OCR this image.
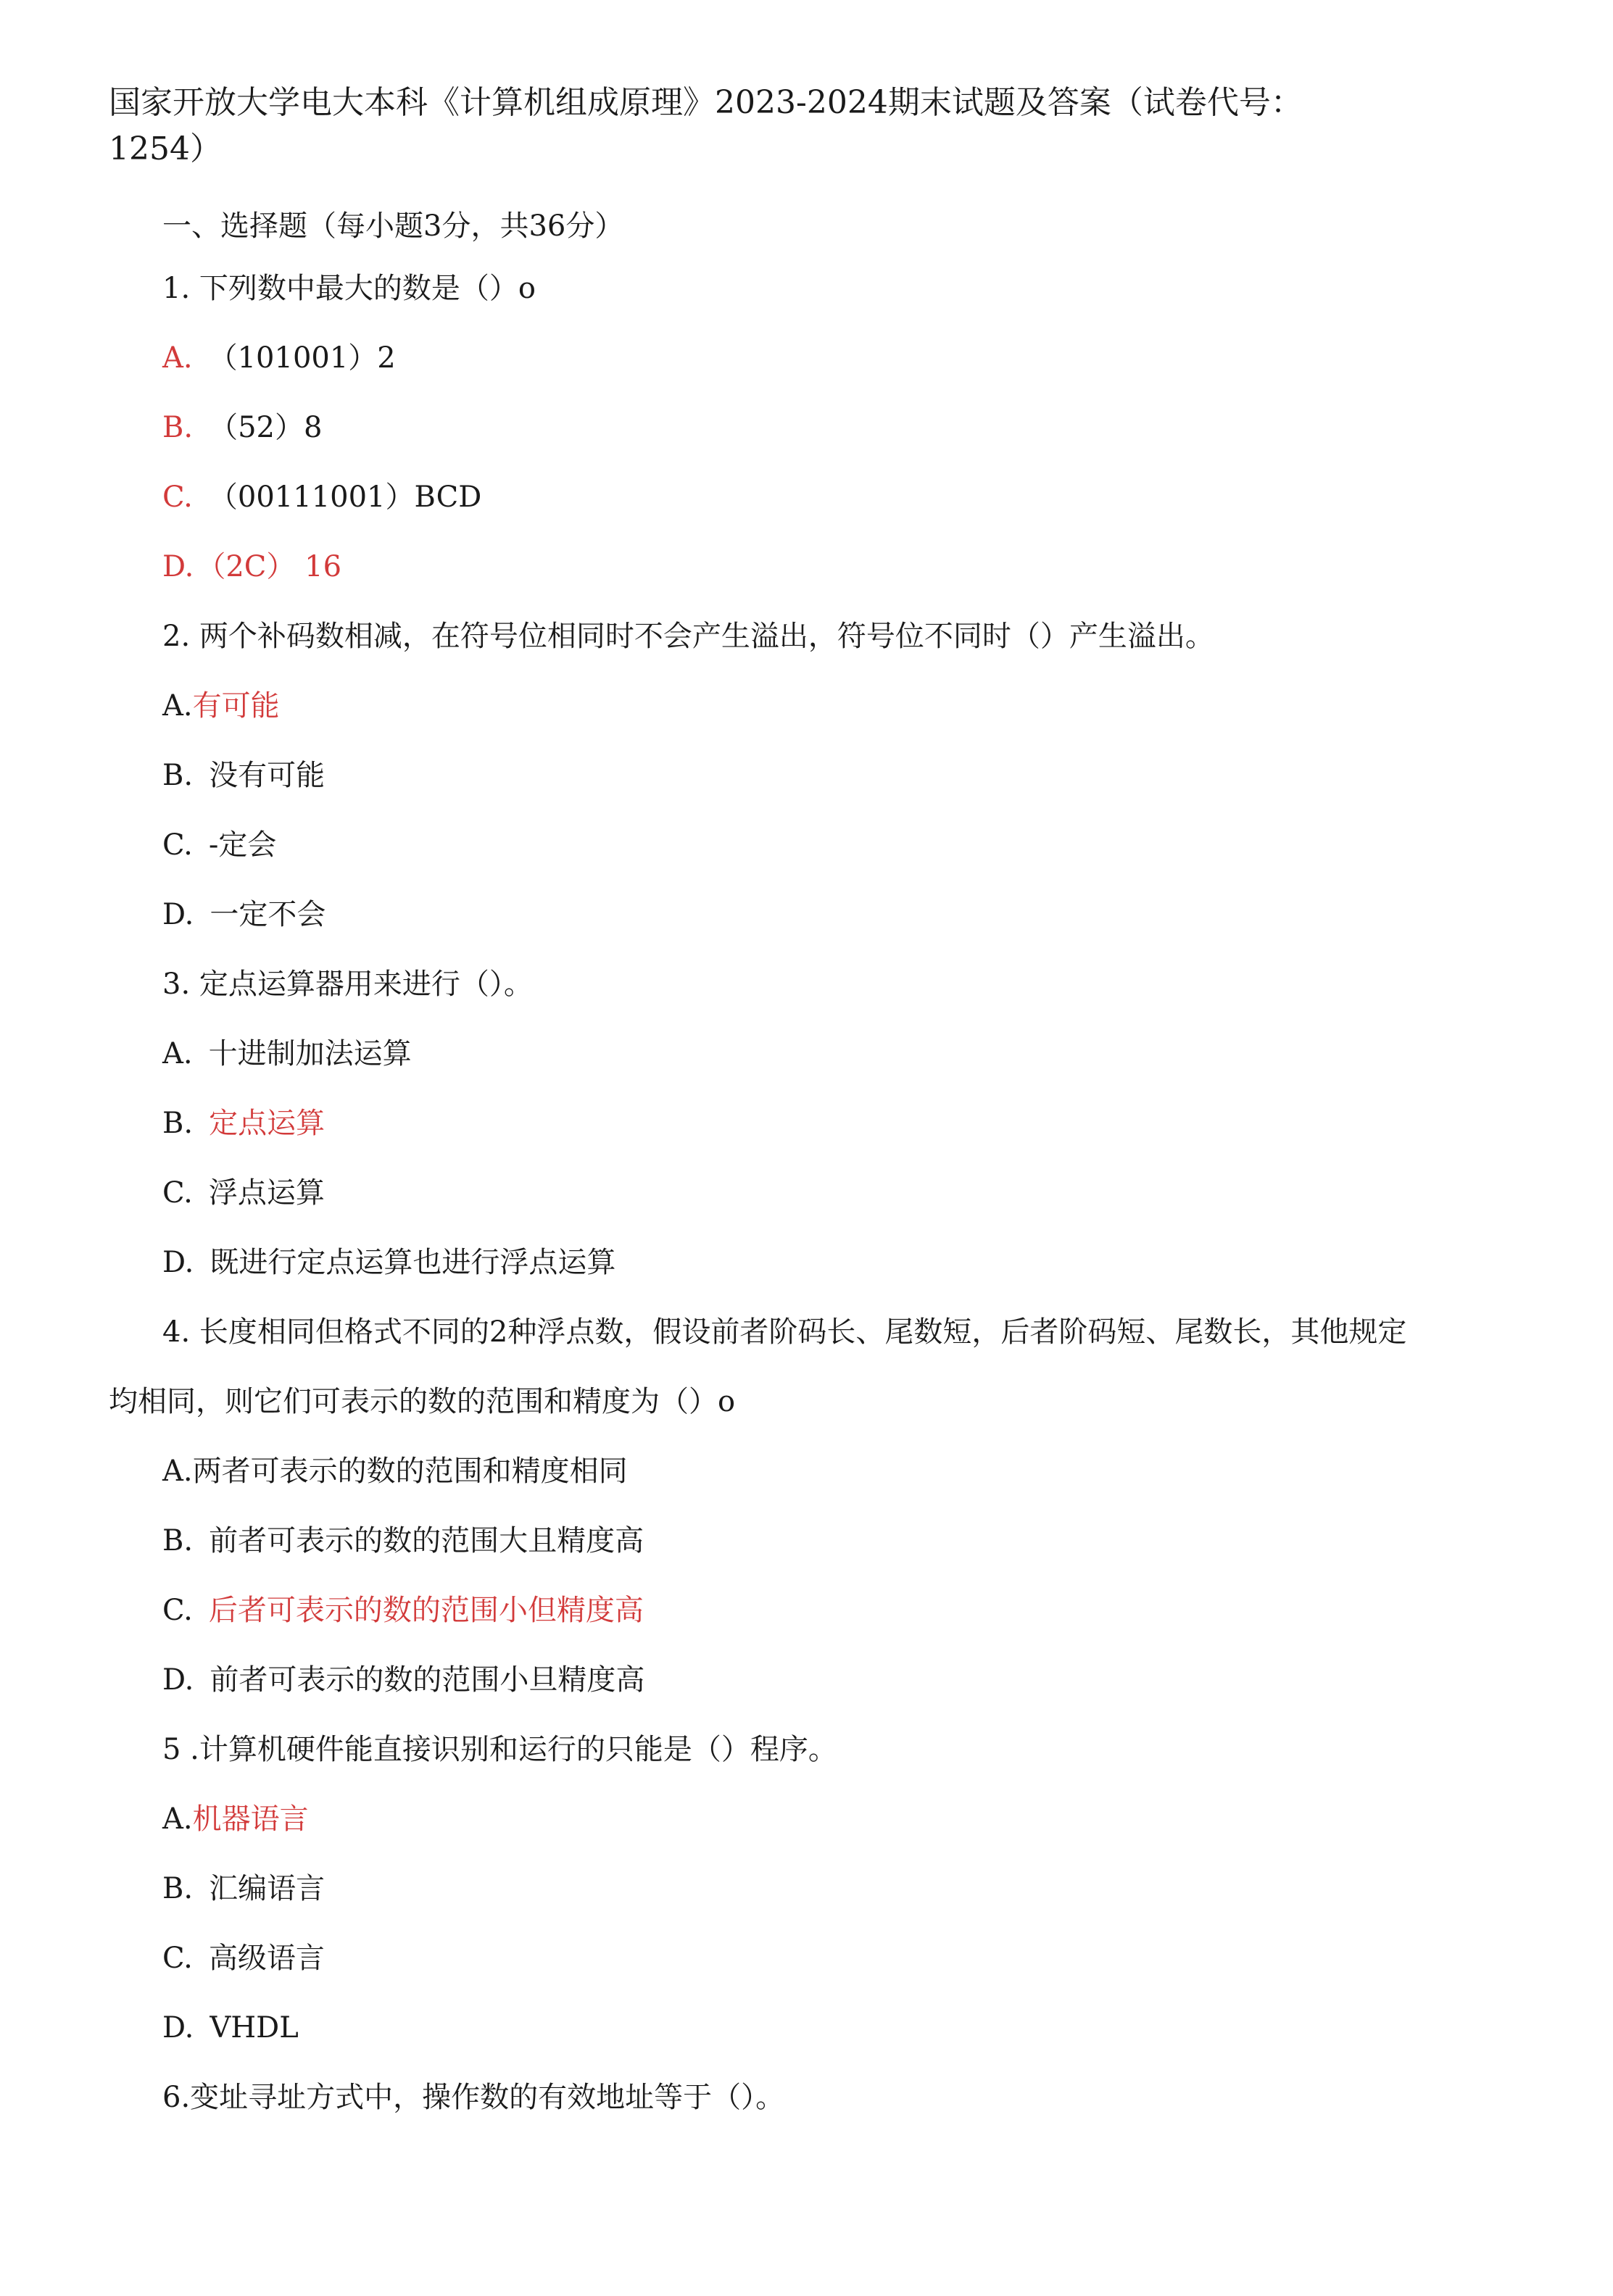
国家开放大学电大本科《计算机组成原理》2023-2024期末试题及答案（试卷代号：
1254）
一、选择题（每小题3分，共36分）
1. 下列数中最大的数是（）o
A. （101001）2
B. （52）8
C. （00111001）BCD
D. （2C） 16
2. 两个补码数相减，在符号位相同时不会产生溢出，符号位不同时（）产生溢出。
A.有可能
B. 没有可能
C. -定会
D. 一定不会
3. 定点运算器用来进行（）。
A. 十进制加法运算
B. 定点运算
C. 浮点运算
D. 既进行定点运算也进行浮点运算
4. 长度相同但格式不同的2种浮点数，假设前者阶码长、尾数短，后者阶码短、尾数长，其他规定
均相同，则它们可表示的数的范围和精度为（）o
A.两者可表示的数的范围和精度相同
B. 前者可表示的数的范围大且精度高
C. 后者可表示的数的范围小但精度高
D. 前者可表示的数的范围小旦精度高
5 .计算机硬件能直接识别和运行的只能是（）程序。
A.机器语言
B. 汇编语言
C. 高级语言
D. VHDL
6.变址寻址方式中，操作数的有效地址等于（）。
